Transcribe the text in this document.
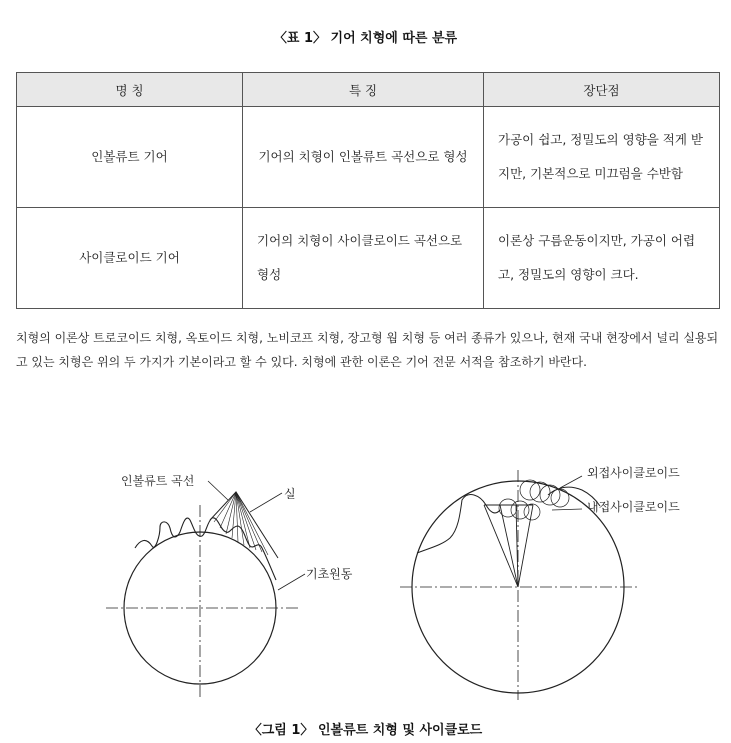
〈표 1〉 기어 치형에 따른 분류
명 칭	특 징	장단점
인볼류트 기어	기어의 치형이 인볼류트 곡선으로 형성	가공이 쉽고, 정밀도의 영향을 적게 받지만, 기본적으로 미끄럼을 수반함
사이클로이드 기어	기어의 치형이 사이클로이드 곡선으로 형성	이론상 구름운동이지만, 가공이 어렵고, 정밀도의 영향이 크다.
치형의 이론상 트로코이드 치형, 옥토이드 치형, 노비코프 치형, 장고형 웜 치형 등 여러 종류가 있으나, 현재 국내 현장에서 널리 실용되고 있는 치형은 위의 두 가지가 기본이라고 할 수 있다. 치형에 관한 이론은 기어 전문 서적을 참조하기 바란다.
인볼류트 곡선
실
기초원동
외접사이클로이드
내접사이클로이드
〈그림 1〉 인볼류트 치형 및 사이클로드
